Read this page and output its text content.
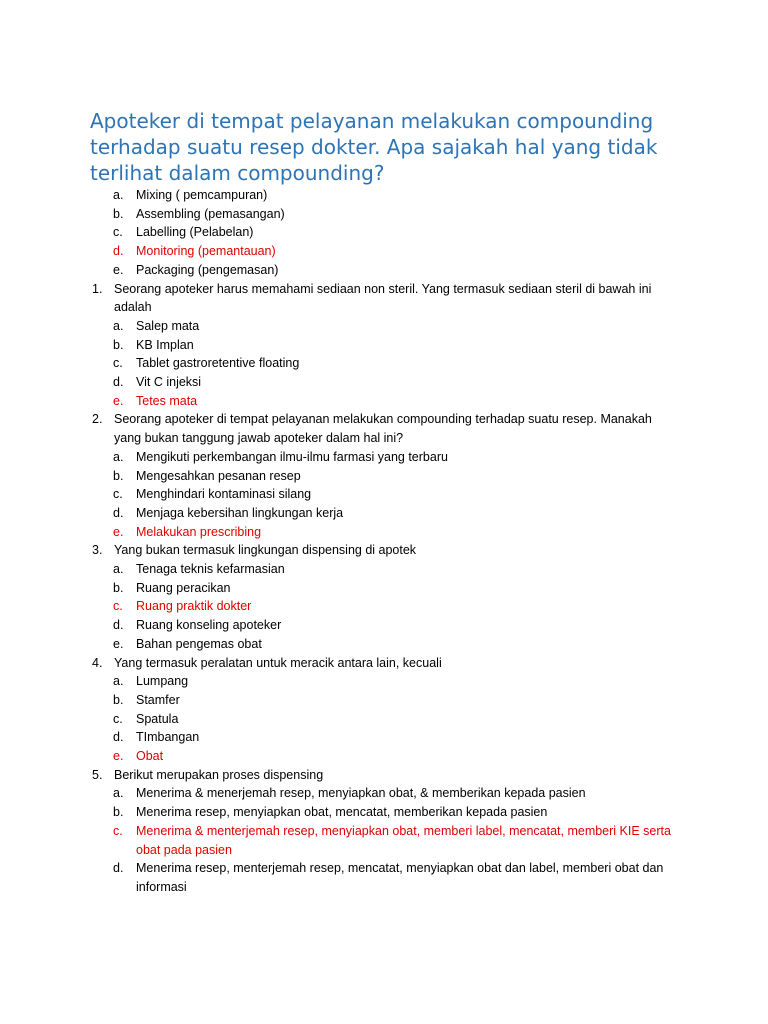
Apoteker di tempat pelayanan melakukan compounding terhadap suatu resep dokter. Apa sajakah hal yang tidak terlihat dalam compounding?
a.	Mixing ( pemcampuran)
b.	Assembling (pemasangan)
c.	Labelling (Pelabelan)
d.	Monitoring (pemantauan)
e.	Packaging (pengemasan)
1. Seorang apoteker harus memahami sediaan non steril. Yang termasuk sediaan steril di bawah ini adalah
a.	Salep mata
b.	KB Implan
c.	Tablet gastroretentive floating
d.	Vit C injeksi
e.	Tetes mata
2. Seorang apoteker di tempat pelayanan melakukan compounding terhadap suatu resep. Manakah yang bukan tanggung jawab apoteker dalam hal ini?
a.	Mengikuti perkembangan ilmu-ilmu farmasi yang terbaru
b.	Mengesahkan pesanan resep
c.	Menghindari kontaminasi silang
d.	Menjaga kebersihan lingkungan kerja
e.	Melakukan prescribing
3. Yang bukan termasuk lingkungan dispensing di apotek
a.	Tenaga teknis kefarmasian
b.	Ruang peracikan
c.	Ruang praktik dokter
d.	Ruang konseling apoteker
e.	Bahan pengemas obat
4. Yang termasuk peralatan untuk meracik antara lain, kecuali
a.	Lumpang
b.	Stamfer
c.	Spatula
d.	TImbangan
e.	Obat
5. Berikut merupakan proses dispensing
a.	Menerima & menerjemah resep, menyiapkan obat, & memberikan kepada pasien
b.	Menerima resep, menyiapkan obat, mencatat, memberikan kepada pasien
c.	Menerima & menterjemah resep, menyiapkan obat, memberi label, mencatat, memberi KIE serta obat pada pasien
d.	Menerima resep, menterjemah resep, mencatat, menyiapkan obat dan label, memberi obat dan informasi
